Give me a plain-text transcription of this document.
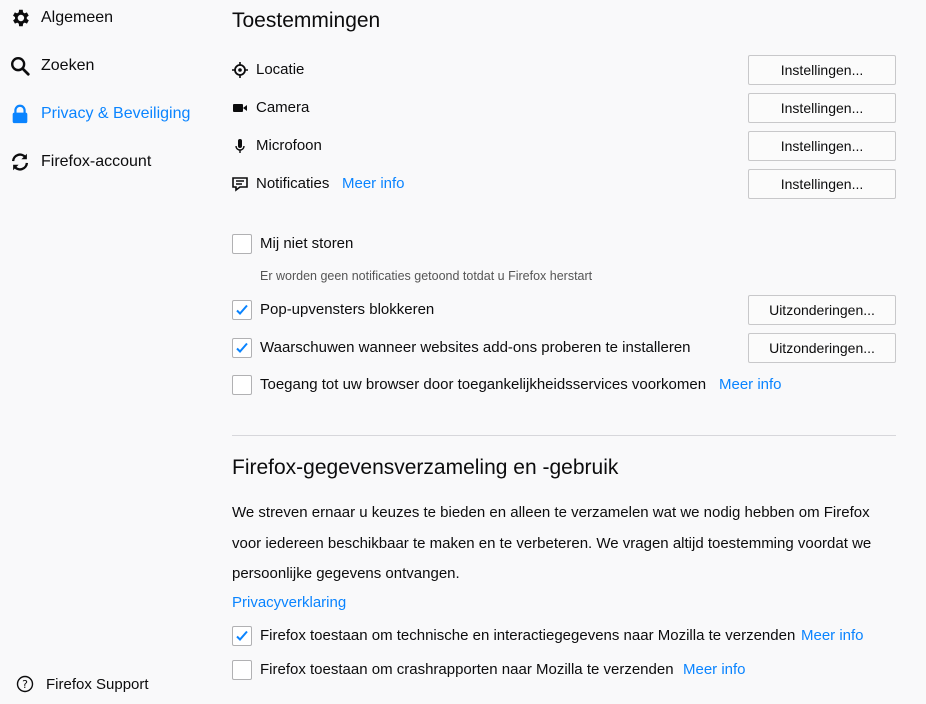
Algemeen
Zoeken
Privacy & Beveiliging
Firefox-account
? Firefox Support
Toestemmingen
Locatie	Instellingen...
Camera	Instellingen...
Microfoon	Instellingen...
Notificaties Meer info	Instellingen...
Mij niet storen
Er worden geen notificaties getoond totdat u Firefox herstart
Pop-upvensters blokkeren	Uitzonderingen...
Waarschuwen wanneer websites add-ons proberen te installeren	Uitzonderingen...
Toegang tot uw browser door toegankelijkheidsservices voorkomen Meer info
Firefox-gegevensverzameling en -gebruik
We streven ernaar u keuzes te bieden en alleen te verzamelen wat we nodig hebben om Firefox voor iedereen beschikbaar te maken en te verbeteren. We vragen altijd toestemming voordat we persoonlijke gegevens ontvangen.
Privacyverklaring
Firefox toestaan om technische en interactiegegevens naar Mozilla te verzenden Meer info
Firefox toestaan om crashrapporten naar Mozilla te verzenden Meer info
